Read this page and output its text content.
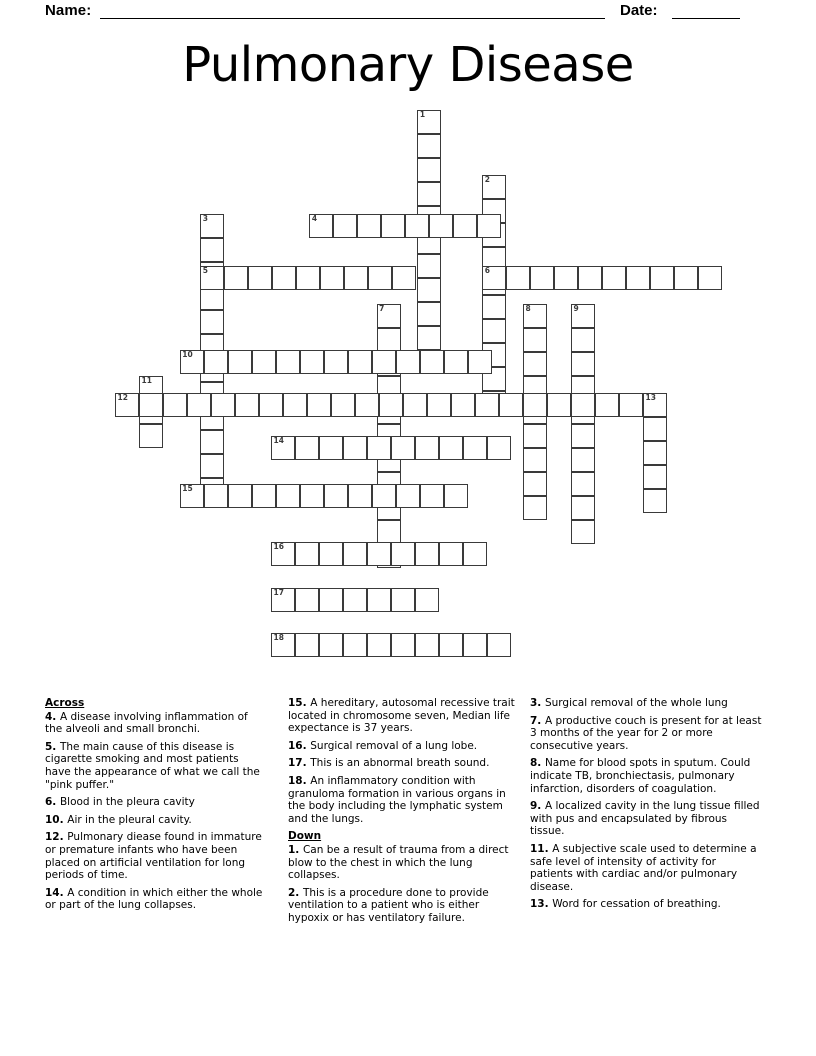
Name:	Date:
Pulmonary Disease
1
2
3	4
5	6
7	8	9
10
11
12	13
14
15
16
17
18
Across
4. A disease involving inflammation of the alveoli and small bronchi.
5. The main cause of this disease is cigarette smoking and most patients have the appearance of what we call the "pink puffer."
6. Blood in the pleura cavity
10. Air in the pleural cavity.
12. Pulmonary diease found in immature or premature infants who have been placed on artificial ventilation for long periods of time.
14. A condition in which either the whole or part of the lung collapses.
15. A hereditary, autosomal recessive trait located in chromosome seven, Median life expectance is 37 years.
16. Surgical removal of a lung lobe.
17. This is an abnormal breath sound.
18. An inflammatory condition with granuloma formation in various organs in the body including the lymphatic system and the lungs.
Down
1. Can be a result of trauma from a direct blow to the chest in which the lung collapses.
2. This is a procedure done to provide ventilation to a patient who is either hypoxix or has ventilatory failure.
3. Surgical removal of the whole lung
7. A productive couch is present for at least 3 months of the year for 2 or more consecutive years.
8. Name for blood spots in sputum. Could indicate TB, bronchiectasis, pulmonary infarction, disorders of coagulation.
9. A localized cavity in the lung tissue filled with pus and encapsulated by fibrous tissue.
11. A subjective scale used to determine a safe level of intensity of activity for patients with cardiac and/or pulmonary disease.
13. Word for cessation of breathing.
